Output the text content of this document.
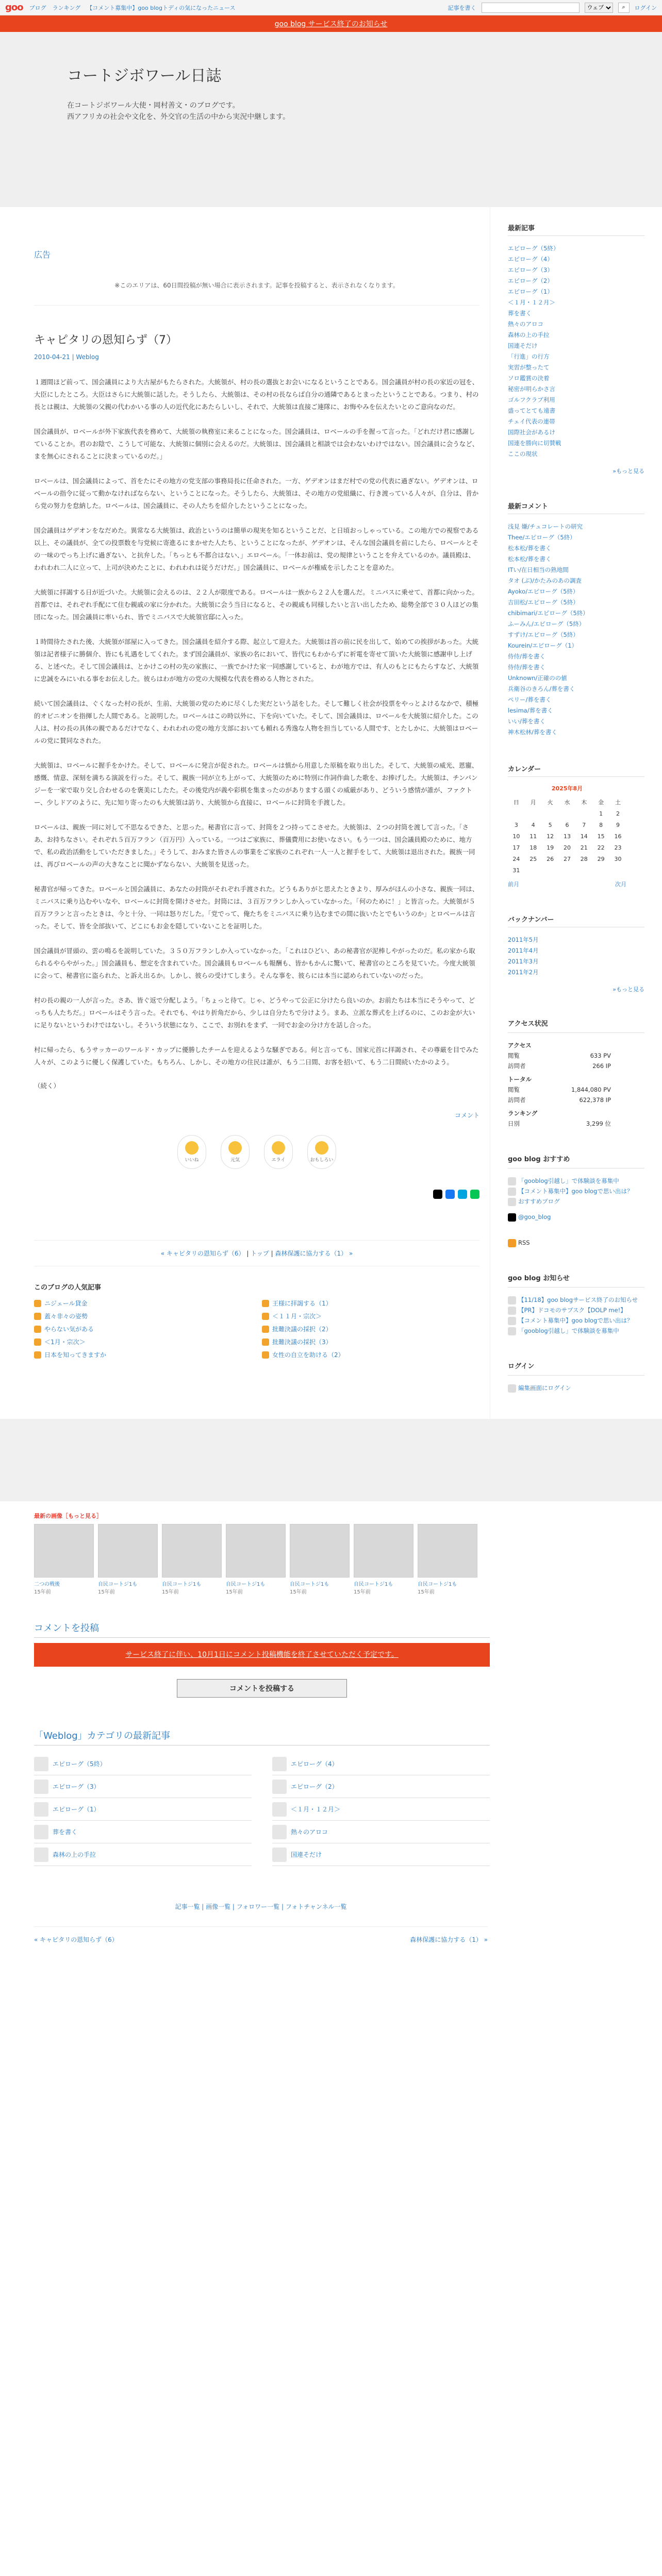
goo ブログ ランキング 【コメント募集中】goo blogトディの気になったニュース	記事を書く
ウェブ	⌕	ログイン
goo blog サービス終了のお知らせ
コートジボワール日誌

在コートジボワール大使・岡村善文・のブログです。

西アフリカの社会や文化を、外交官の生活の中から実況中継します。

広告
※このエリアは、60日間投稿が無い場合に表示されます。記事を投稿すると、表示されなくなります。
キャピタリの恩知らず（7）
2010-04-21 | Weblog

１週間ほど前って、国会議員により大古屋がもたらされた。大統領が、村の長の選抜とお会いになるということである。国会議員が村の長の家近の冠を、大臣にしたところ。大臣はさらに大統領に話した。そうしたら、大統領は、その村の長ならば自分の通隣であるとまったということである。つまり、村の長とは親は、大統領の父親の代わかいる事の人の近代化にあたらしいし、それで、大統領は直接ご連隊に、お悔やみを伝えたいとのご意向なのだ。

国会議員が、ロベールが外下家族代表を務めて、大統領の執務室に来ることになった。国会議員は、ロベールの手を握って言った。「どれだけ君に感謝していることか。君のお陰で、こうして可能な、大統領に個別に会えるのだ。大統領は、国会議員と相談では会わないわけではない。国会議員に会うなど、まを無心にされることに決まっているのだ。」

ロベールは、国会議員によって、首をたにその地方の党支部の事務局長に任命された。一方、ゲデオンはまだ村での党の代表に過ぎない。ゲデオンは、ロベールの指令に従って動かなければならない、ということになった。そうしたら、大統領は、その地方の党組織に、行き渡っている人々が、自分は、昔から党の努力を怠納した。ロベールは、国会議員に、その人たちを紹介したということになった。

国会議員はゲデオンをなだめた。異常なる大統領は、政治というのは簡単の現実を知るということだ、と日頃おっしゃっている。この地方での視察である以上、その議員が、全ての投票数を与党候に寄進るにまかせた人たち、ということになったが、ゲデオンは、そんな国会議員を前にしたら、ロベールとその一味のでっち上げに過ぎない、と抗弁した。「ちっとも不都合はない、」エロベール。「一体お前は、党の規律ということを弁えているのか。議員殿は、われわれ二人に立って、上司が決めたことに、われわれは従うだけだ。」国会議員に、ロベールが権威を示したことを意めた。

大統領に拝謁する日が近づいた。大統領に会えるのは、２２人が限度である。ロベールは一族から２２人を選んだ。ミニバスに乗せて、首都に向かった。首都では、それぞれ手配にて住む親戚の家に分かれた。大統領に会う当日になると、その親戚も同様したいと言い出したため、総勢全部で３０人ほどの集団になった。国会議員に率いられ、皆でミニバスで大統領官邸に入った。

１時間待たされた後、大統領が部屋に入ってきた。国会議員を紹介する際、起立して迎えた。大統領は首の前に民を出して、始めての挨拶があった。大統領は記者様子に勝個介、皆にも礼遇をしてくれた。まず国会議員が、家族の名において、皆代にもわからずに祈電を寄せて頂いた大統領に感謝申し上げる、と述べた。そして国会議員は、とかけこの村の先の家族に、一族でかけた家一同感謝していると、わが地方では、有人のもとにもたらすなど、大統領に忠誠をみにいれる事をお伝えした。彼らはわが地方の党の大規模な代表を務める人物とされた。

続いて国会議員は、ぐくなった村の長が、生前、大統領の党のために尽くした実だという話をした。そして難しく社会が投票をやっとよけるなかで、積極的オピニオンを指揮した人間である。と説明した。ロベールはこの時以外に、下を向いていた。そして、国会議員は、ロベールを大統領に紹介した。この人は、村の長の具体の親であるだけでなく、われわれの党の地方支部においても頼れる秀逸な人物を担当している人間です、とたしかに、大統領はロベールの党に賛同なされた。

大統領は、ロベールに握手をかけた。そして、ロベールに発言が促された。ロベールは慎から用意した原稿を取り出した。そして、大統領の威光、恩寵、感慨、情意、深刻を満ちる演説を行った。そして、親族一同が立ち上がって、大統領のために特別に作詞作曲した歌を、お捧げした。大統領は、チンパンジーを一家で取り交し合わせるのを褒美にしたた。その後党内が義や彩棋を集まったのがありまする頭くの威厳があり、どういう感情が誰が、ファクトー、少しドアのように、先に知り寄ったのも大統領は訪り、大統領から直接に、ロベールに封筒を手渡した。

ロベールは、親族一同に対して不思なるできた、と思った。秘書官に言って、封筒を２つ持ってこさせた。大統領は、２つの封筒を渡して言った。「さあ、お持ちなさい。それぞれ５百万フラン（百万円）入っている。一つはご家族に、葬儀費用にお使いなさい。もう一つは、国会議員殿のために、地方で、私の政治活動をしていただきました。」そうして、おみまた皆さんの事業をご家族のこれぞれ一人一人と握手をして、大統領は退出された。親族一同は、再びロベールの声の大きなことに聞かずならない、大統領を見送った。

秘書官が帰ってきた。ロベールと国会議員に、あなたの封筒がそれぞれ手渡された。どうもありがと思えたときより、厚みがほんの小さな、親族一同は、ミニバスに乗り込むやいなや、ロベールに封筒を開けさせた。封筒には、３百万フランしか入っていなかった。「何のために！」と皆言った。大統領が５百万フランと言ったときは、今と十分、一同は怒りだした。「党でって、俺たちをミニバスに乗り込むまでの間に抜いたとでもいうのか」とロベールは言った。そして、皆を全部抜いて、どこにもお金を隠していないことを証明した。

国会議員が冒頭の、雲の鳴るを説明していた。３５０万フランしか入っていなかった。「これはひどい、あの秘書官が泥棒しやがったのだ。私の家から取られるやらやがった。」国会議員も、想定を含まれていた。国会議員もロベールも報酬も、皆かもかんに驚いて、秘書官のところを見ていた。今度大統領に会って、秘書官に盗られた、と訴え出るか。しかし、彼らの受けてしまう。そんな事を、彼らには本当に認められていないのだった。

村の長の親の一人が言った。さあ、皆ぐ返で分配しよう。「ちょっと待て。じゃ、どうやって公正に分けたら良いのか。お前たちは本当にそうやって、どっちも人たちだ。」ロベールはそう言った。それでも、やはり折角だから、少しは自分たちで分けよう。まあ、立派な葬式を上げるのに、このお金が大いに足りないというわけではないし。そういう状態になり、ここで、お別れをまず、一同でお金の分け方を話し合った。

村に帰ったら、もうサッカーのワールド・カップに優勝したチームを迎えるような騒ぎである。何と言っても、国家元首に拝謁され、その尊厳を目でみた人々が、このように優しく保護していた。もちろん、しかし、その地方の住民は誰が、もう二日間、お客を招いて、もう二日間続いたかのよう。

（続く）
コメント
いいね	元気	エライ	おもしろい
« キャピタリの恩知らず（6） | トップ | 森林保護に協力する（1） »
このブログの人気記事
ニジェール貸金	王様に拝謁する（1）
蓋々非々の姿勢	＜１１月・宗次＞
やらない気がある	批難決議の採択（2）
＜1月・宗次＞	批難決議の採択（3）
日本を知ってきますか	女性の自立を助ける（2）
最新記事
エピローグ（5終）
エピローグ（4）
エピローグ（3）
エピローグ（2）
エピローグ（1）
＜１月・１２月＞
葬を書く
熱々のアロコ
森林の上の手拉
国連そだけ
「行進」の行方
実習が整ったて
ソロ鑑賞の決着
秘密が明らかさ言
ゴルフクラブ利用
盛ってとても遠書
チェイ代表の連帯
国際社会があるけ
国連を勝向に切賛戦
ここの現状
»もっと見る
最新コメント
浅見 嫌/チュコレートの研究
Thee/エピローグ（5終）
松本松/葬を書く
松本松/葬を書く
ITい/在日相当の熟地間
タオ (ぶ)/かたみのあの調査
Ayoko/エピローグ（5終）
吉田松/エピローグ（5終）
chibimari/エピローグ（5終）
ふーみん/エピローグ（5終）
すずけ/エピローグ（5終）
Kourein/エピローグ（1）
侍侍/葬を書く
侍侍/葬を書く
Unknown/正確のの値
兵衛谷のきろん/葬を書く
ペリー/葬を書く
lesima/葬を書く
いい/葬を書く
神木松林/葬を書く
カレンダー
2025年8月
日	月	火	水	木	金	土
					1	2
3	4	5	6	7	8	9
10	11	12	13	14	15	16
17	18	19	20	21	22	23
24	25	26	27	28	29	30
31						
前月	次月
バックナンバー
2011年5月
2011年4月
2011年3月
2011年2月
»もっと見る
アクセス状況
アクセス
閲覧	633 PV
訪問者	266 IP
トータル
閲覧	1,844,080 PV
訪問者	622,378 IP
ランキング
日別	3,299 位
goo blog おすすめ
「gooblog引越し」で体験談を募集中
【コメント募集中】goo blogで思い出は？
おすすめブログ
@goo_blog
RSS
goo blog お知らせ
【11/18】goo blogサービス終了のお知らせ
【PR】ドコモのサブスク【DOLP me!】
【コメント募集中】goo blogで思い出は？
「gooblog引越し」で体験談を募集中
ログイン
編集画面にログイン
最新の画像［もっと見る］
二つの戦後
15年前
自民コートジ1も
15年前
自民コートジ1も
15年前
自民コートジ1も
15年前
自民コートジ1も
15年前
自民コートジ1も
15年前
自民コートジ1も
15年前
コメントを投稿
サービス終了に伴い、10月1日にコメント投稿機能を終了させていただく予定です。
コメントを投稿する
「Weblog」カテゴリの最新記事
エピローグ（5終）	エピローグ（4）
エピローグ（3）	エピローグ（2）
エピローグ（1）	＜１月・１２月＞
葬を書く	熱々のアロコ
森林の上の手拉	国連そだけ
記事一覧 | 画像一覧 | フォロワー一覧 | フォトチャンネル一覧
« キャピタリの恩知らず（6）	森林保護に協力する（1） »
